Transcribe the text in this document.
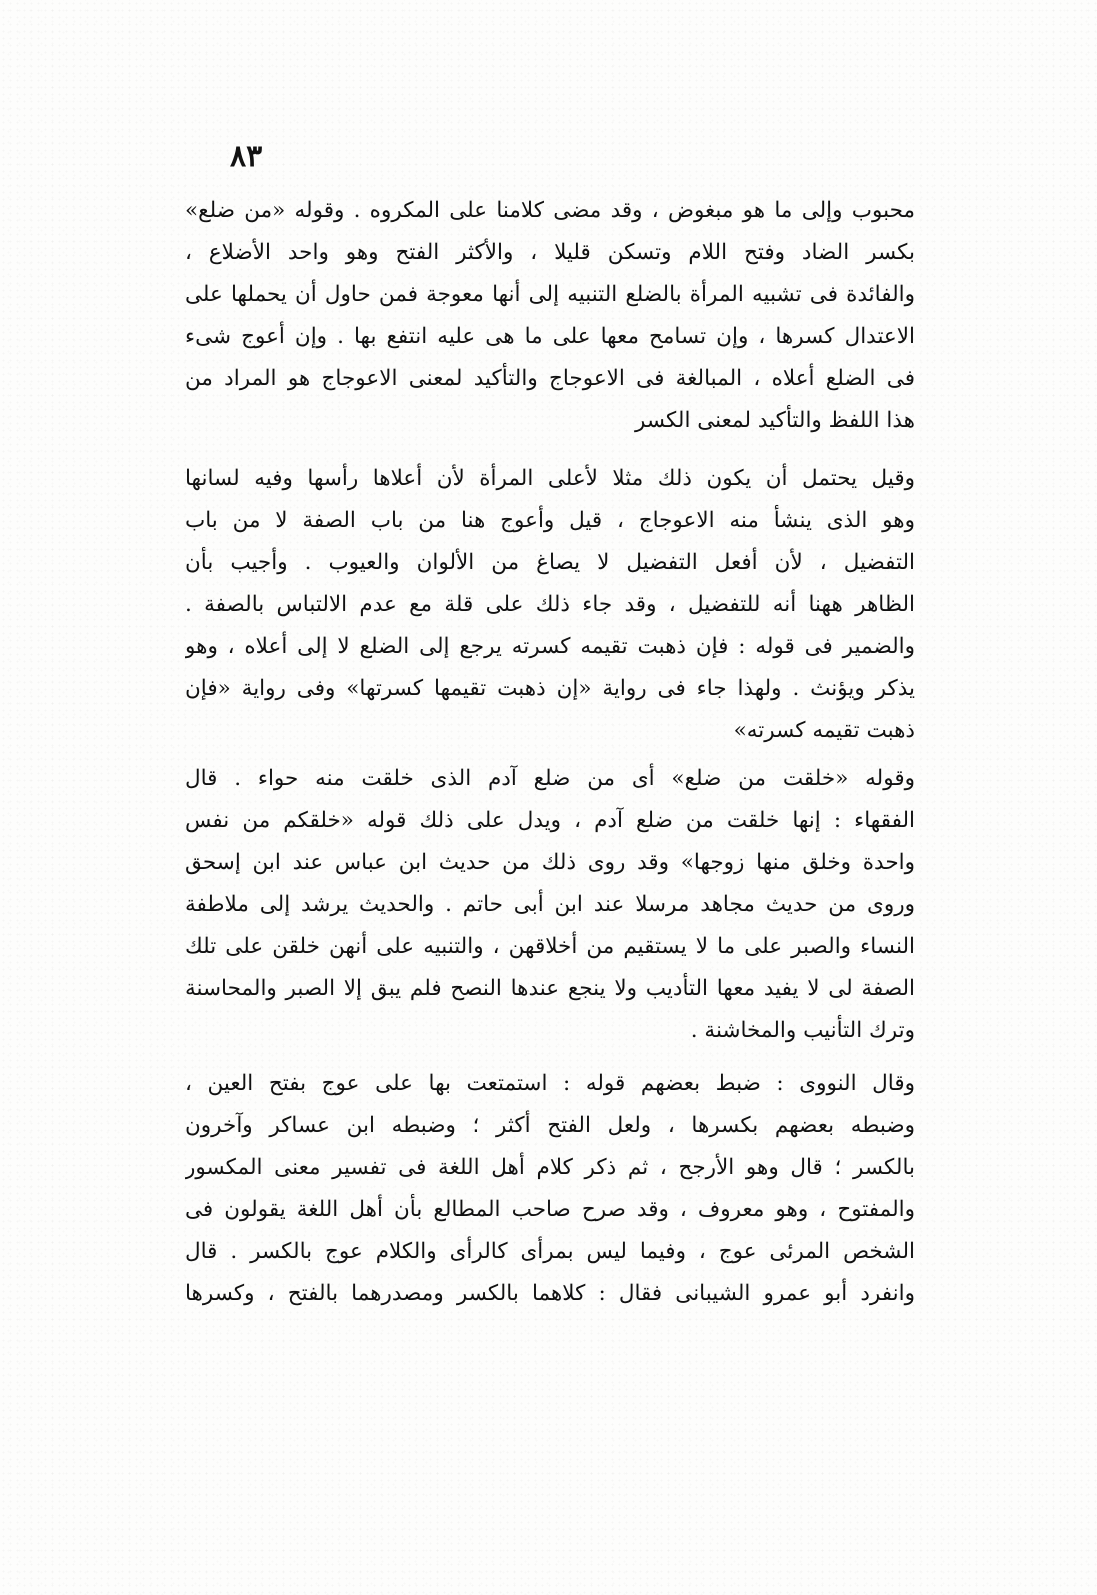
٨٣
محبوب وإلى ما هو مبغوض ، وقد مضى كلامنا على المكروه . وقوله «من ضلع»
بكسر الضاد وفتح اللام وتسكن قليلا ، والأكثر الفتح وهو واحد الأضلاع ،
والفائدة فى تشبيه المرأة بالضلع التنبيه إلى أنها معوجة فمن حاول أن يحملها على
الاعتدال كسرها ، وإن تسامح معها على ما هى عليه انتفع بها . وإن أعوج شىء
فى الضلع أعلاه ، المبالغة فى الاعوجاج والتأكيد لمعنى الاعوجاج هو المراد من
هذا اللفظ والتأكيد لمعنى الكسر
وقيل يحتمل أن يكون ذلك مثلا لأعلى المرأة لأن أعلاها رأسها وفيه لسانها
وهو الذى ينشأ منه الاعوجاج ، قيل وأعوج هنا من باب الصفة لا من باب
التفضيل ، لأن أفعل التفضيل لا يصاغ من الألوان والعيوب . وأجيب بأن
الظاهر ههنا أنه للتفضيل ، وقد جاء ذلك على قلة مع عدم الالتباس بالصفة .
والضمير فى قوله : فإن ذهبت تقيمه كسرته يرجع إلى الضلع لا إلى أعلاه ، وهو
يذكر ويؤنث . ولهذا جاء فى رواية «إن ذهبت تقيمها كسرتها» وفى رواية «فإن
ذهبت تقيمه كسرته»
وقوله «خلقت من ضلع» أى من ضلع آدم الذى خلقت منه حواء . قال
الفقهاء : إنها خلقت من ضلع آدم ، ويدل على ذلك قوله «خلقكم من نفس
واحدة وخلق منها زوجها» وقد روى ذلك من حديث ابن عباس عند ابن إسحق
وروى من حديث مجاهد مرسلا عند ابن أبى حاتم . والحديث يرشد إلى ملاطفة
النساء والصبر على ما لا يستقيم من أخلاقهن ، والتنبيه على أنهن خلقن على تلك
الصفة لى لا يفيد معها التأديب ولا ينجع عندها النصح فلم يبق إلا الصبر والمحاسنة
وترك التأنيب والمخاشنة .
وقال النووى : ضبط بعضهم قوله : استمتعت بها على عوج بفتح العين ،
وضبطه بعضهم بكسرها ، ولعل الفتح أكثر ؛ وضبطه ابن عساكر وآخرون
بالكسر ؛ قال وهو الأرجح ، ثم ذكر كلام أهل اللغة فى تفسير معنى المكسور
والمفتوح ، وهو معروف ، وقد صرح صاحب المطالع بأن أهل اللغة يقولون فى
الشخص المرئى عوج ، وفيما ليس بمرأى كالرأى والكلام عوج بالكسر . قال
وانفرد أبو عمرو الشيبانى فقال : كلاهما بالكسر ومصدرهما بالفتح ، وكسرها
